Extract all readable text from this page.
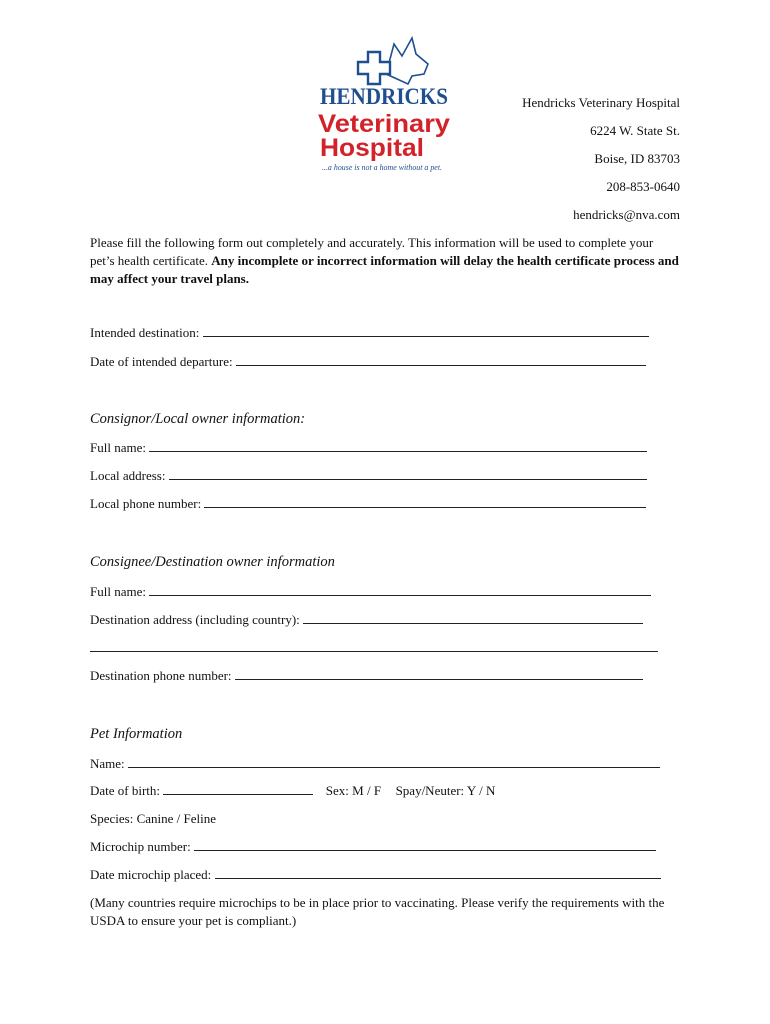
HENDRICKS
Veterinary
Hospital
...a house is not a home without a pet.
Hendricks Veterinary Hospital
6224 W. State St.
Boise, ID 83703
208-853-0640
hendricks@nva.com
Please fill the following form out completely and accurately. This information will be used to complete your pet’s health certificate. Any incomplete or incorrect information will delay the health certificate process and may affect your travel plans.
Intended destination:
Date of intended departure:
Consignor/Local owner information:
Full name:
Local address:
Local phone number:
Consignee/Destination owner information
Full name:
Destination address (including country):
Destination phone number:
Pet Information
Name:
Date of birth:	Sex: M / F Spay/Neuter: Y / N
Species: Canine / Feline
Microchip number:
Date microchip placed:
(Many countries require microchips to be in place prior to vaccinating. Please verify the requirements with the USDA to ensure your pet is compliant.)
